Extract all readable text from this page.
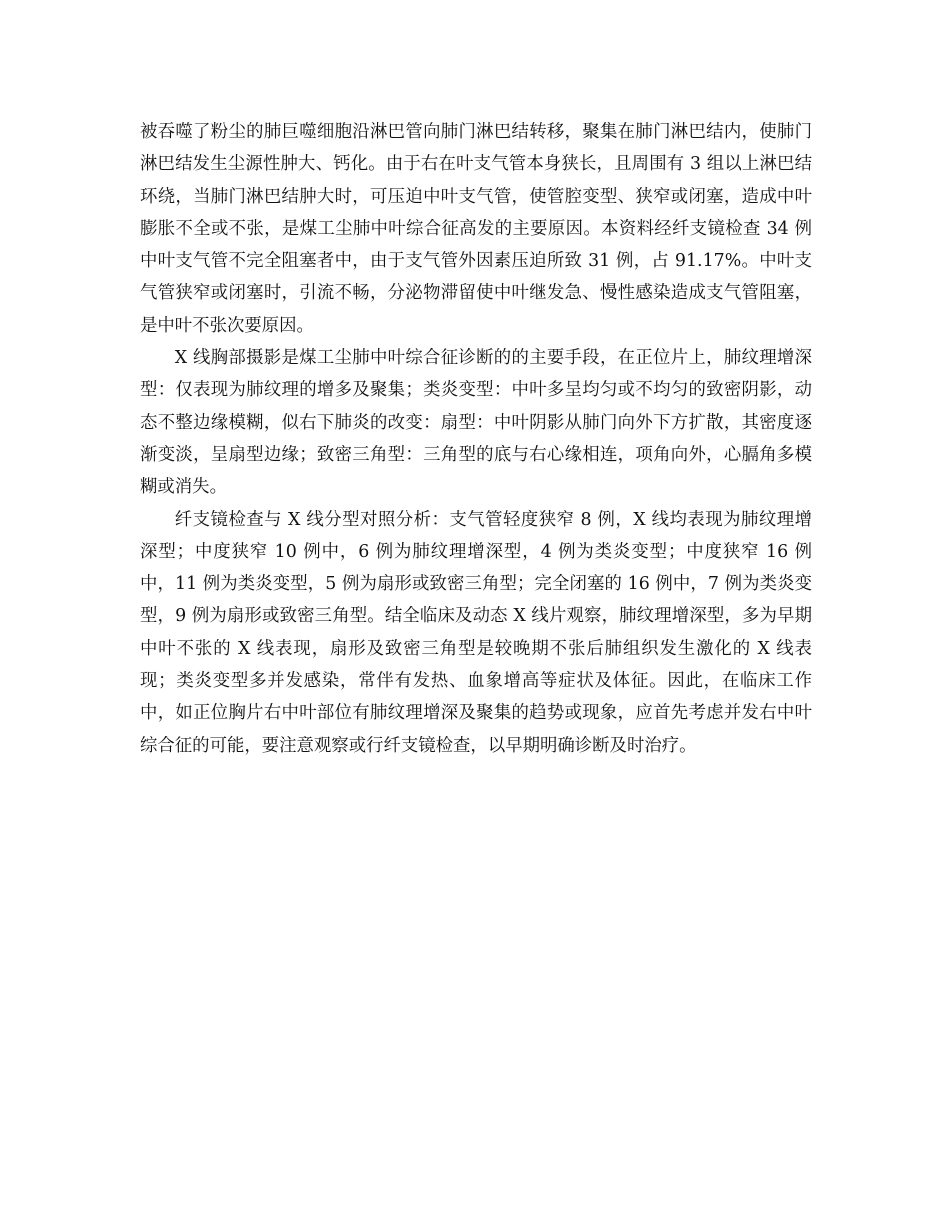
被吞噬了粉尘的肺巨噬细胞沿淋巴管向肺门淋巴结转移，聚集在肺门淋巴结内，使肺门淋巴结发生尘源性肿大、钙化。由于右在叶支气管本身狭长，且周围有 3 组以上淋巴结环绕，当肺门淋巴结肿大时，可压迫中叶支气管，使管腔变型、狭窄或闭塞，造成中叶膨胀不全或不张，是煤工尘肺中叶综合征高发的主要原因。本资料经纤支镜检查 34 例中叶支气管不完全阻塞者中，由于支气管外因素压迫所致 31 例，占 91.17%。中叶支气管狭窄或闭塞时，引流不畅，分泌物滞留使中叶继发急、慢性感染造成支气管阻塞，是中叶不张次要原因。

X 线胸部摄影是煤工尘肺中叶综合征诊断的的主要手段，在正位片上，肺纹理增深型：仅表现为肺纹理的增多及聚集；类炎变型：中叶多呈均匀或不均匀的致密阴影，动态不整边缘模糊，似右下肺炎的改变：扇型：中叶阴影从肺门向外下方扩散，其密度逐渐变淡，呈扇型边缘；致密三角型：三角型的底与右心缘相连，项角向外，心膈角多模糊或消失。

纤支镜检查与 X 线分型对照分析：支气管轻度狭窄 8 例，X 线均表现为肺纹理增深型；中度狭窄 10 例中，6 例为肺纹理增深型，4 例为类炎变型；中度狭窄 16 例中，11 例为类炎变型，5 例为扇形或致密三角型；完全闭塞的 16 例中，7 例为类炎变型，9 例为扇形或致密三角型。结全临床及动态 X 线片观察，肺纹理增深型，多为早期中叶不张的 X 线表现，扇形及致密三角型是较晚期不张后肺组织发生激化的 X 线表现；类炎变型多并发感染，常伴有发热、血象增高等症状及体征。因此，在临床工作中，如正位胸片右中叶部位有肺纹理增深及聚集的趋势或现象，应首先考虑并发右中叶综合征的可能，要注意观察或行纤支镜检查，以早期明确诊断及时治疗。
